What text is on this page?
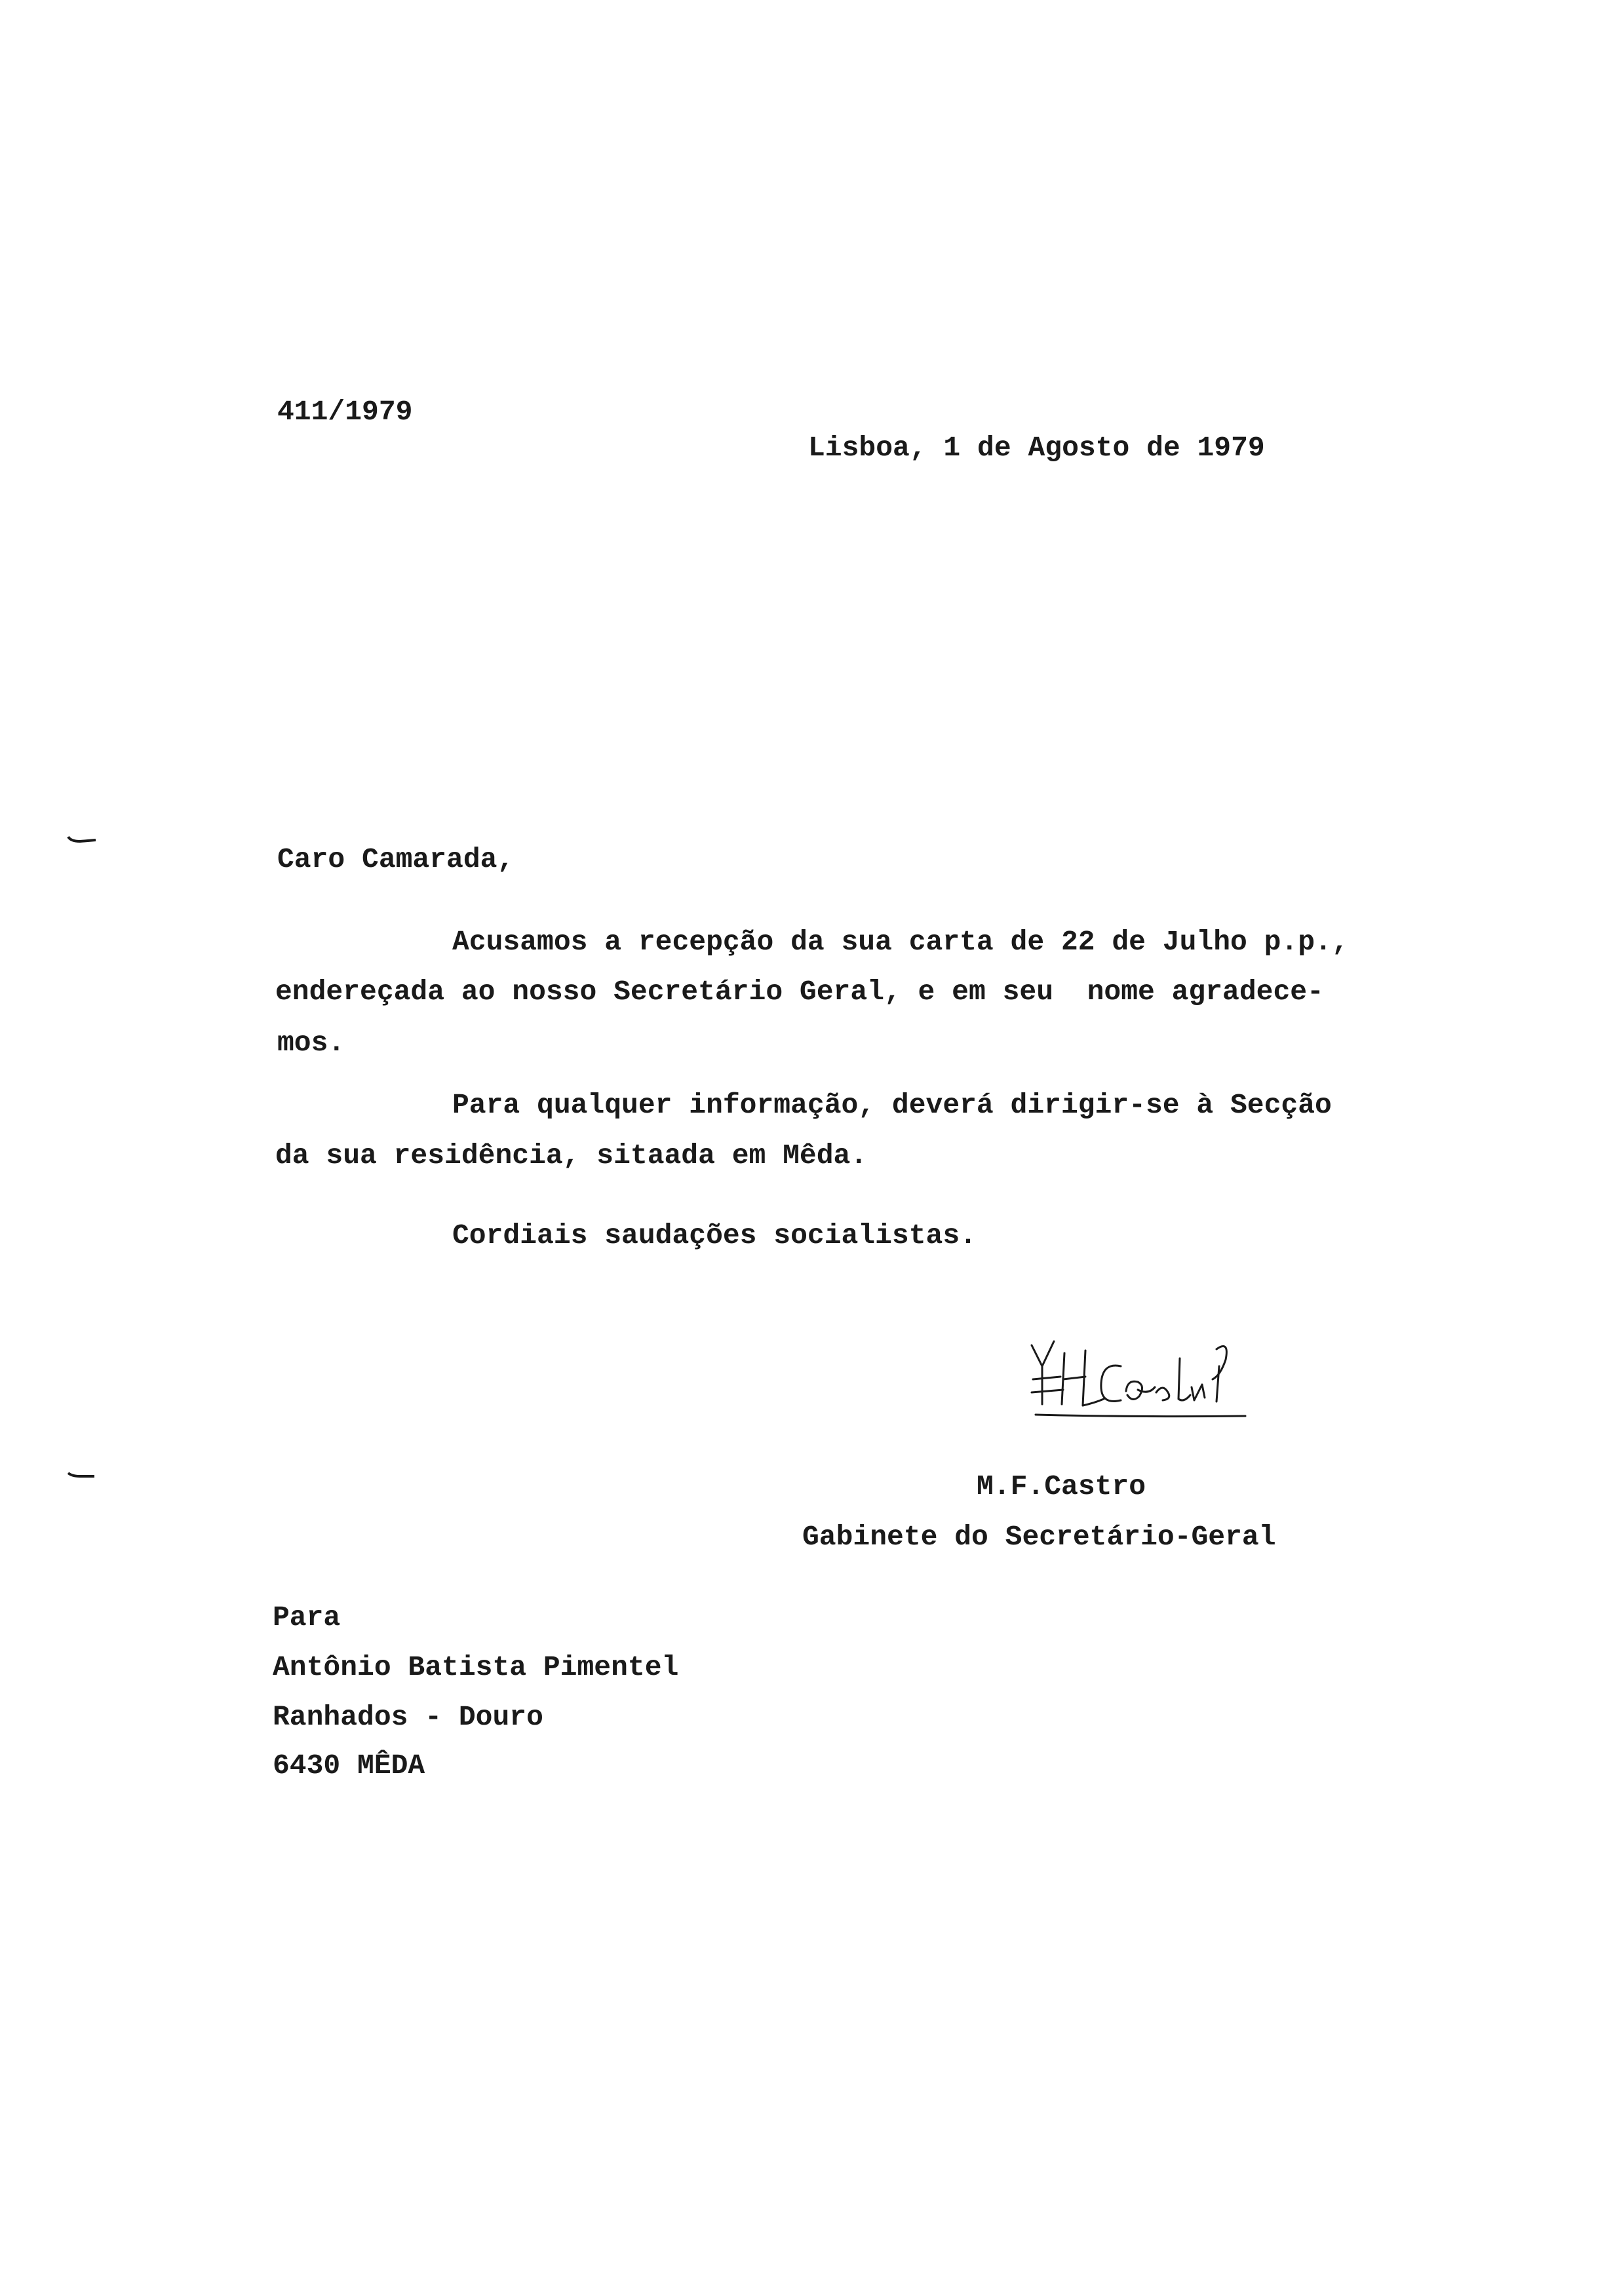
411/1979
Lisboa, 1 de Agosto de 1979
Caro Camarada,
Acusamos a recepção da sua carta de 22 de Julho p.p.,
endereçada ao nosso Secretário Geral, e em seu  nome agradece-
mos.
Para qualquer informação, deverá dirigir-se à Secção
da sua residência, sitaada em Mêda.
Cordiais saudações socialistas.
M.F.Castro
Gabinete do Secretário-Geral
Para
Antônio Batista Pimentel
Ranhados - Douro
6430 MÊDA
